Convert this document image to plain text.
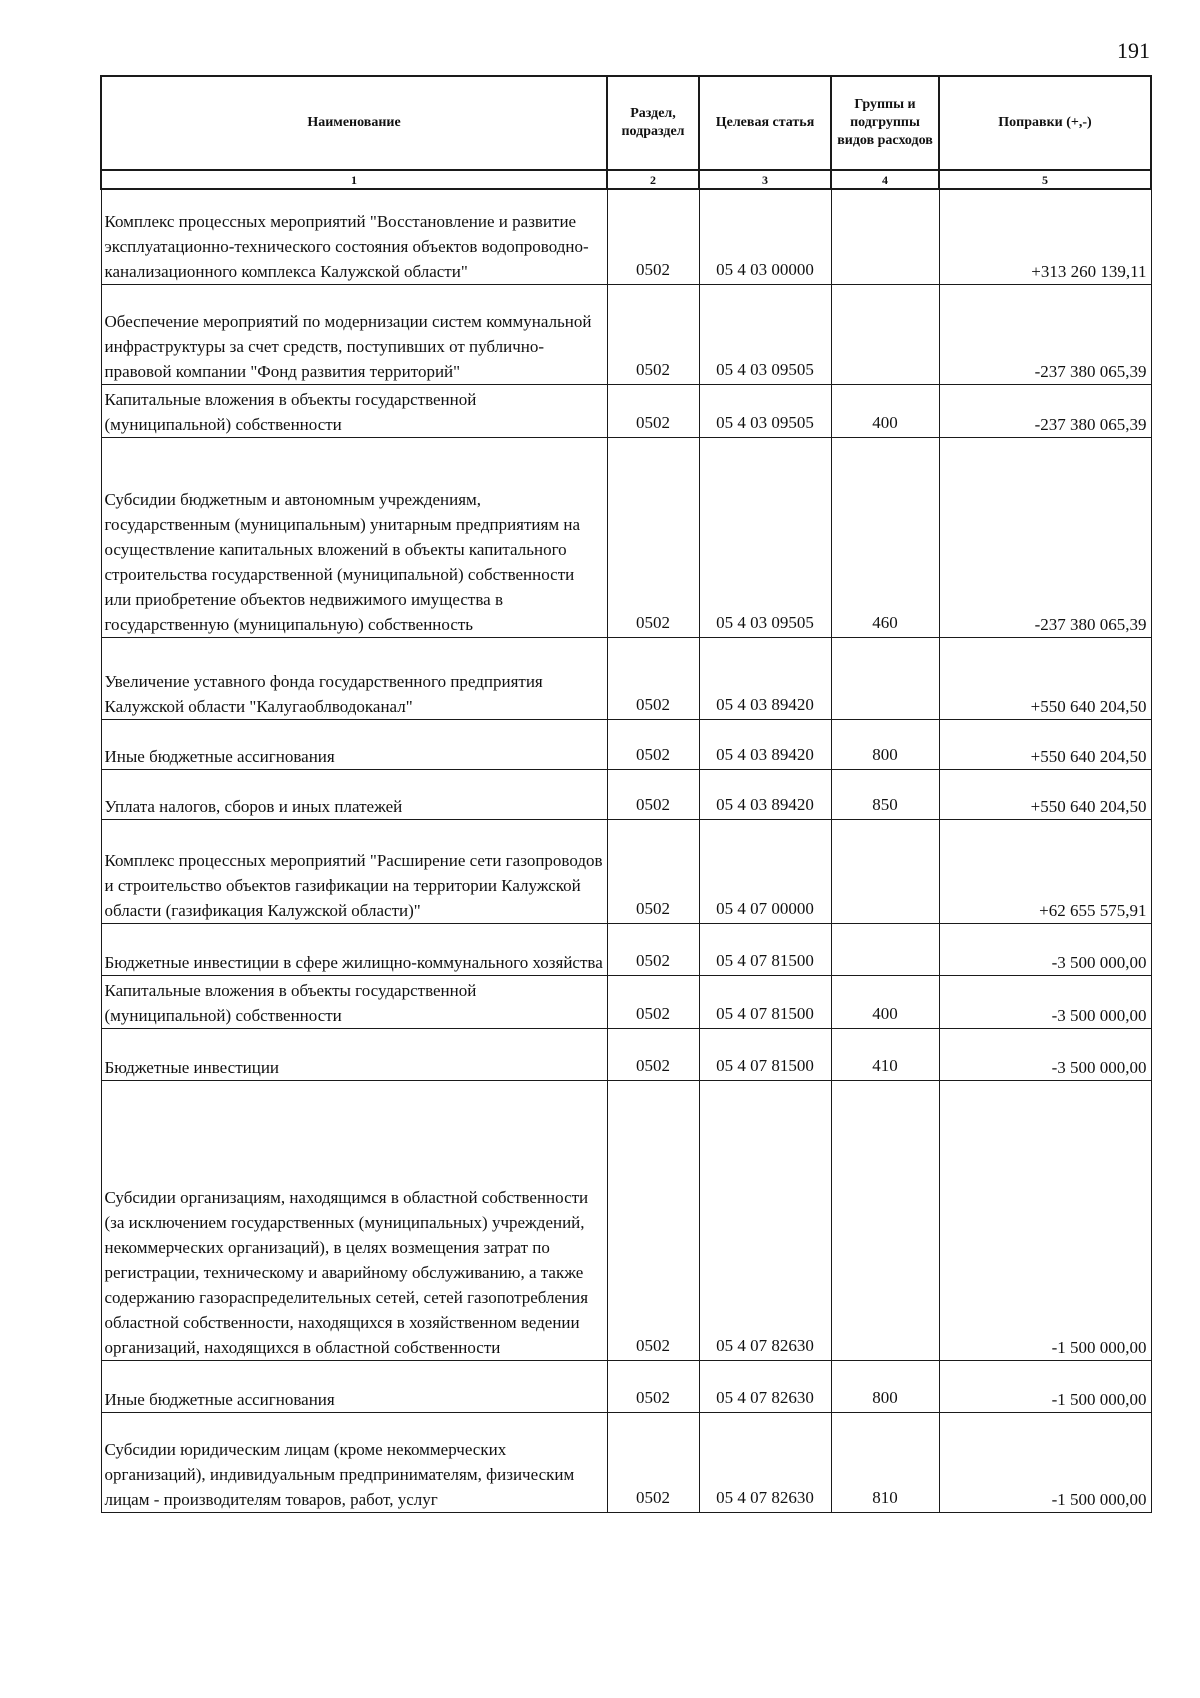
191
Наименование	Раздел, подраздел	Целевая статья	Группы и подгруппы видов расходов	Поправки (+,-)
1	2	3	4	5
Комплекс процессных мероприятий "Восстановление и развитие эксплуатационно-технического состояния объектов водопроводно-канализационного комплекса Калужской области"	0502	05 4 03 00000		+313 260 139,11
Обеспечение мероприятий по модернизации систем коммунальной инфраструктуры за счет средств, поступивших от публично-правовой компании "Фонд развития территорий"	0502	05 4 03 09505		-237 380 065,39
Капитальные вложения в объекты государственной (муниципальной) собственности	0502	05 4 03 09505	400	-237 380 065,39
Субсидии бюджетным и автономным учреждениям, государственным (муниципальным) унитарным предприятиям на осуществление капитальных вложений в объекты капитального строительства государственной (муниципальной) собственности или приобретение объектов недвижимого имущества в государственную (муниципальную) собственность	0502	05 4 03 09505	460	-237 380 065,39
Увеличение уставного фонда государственного предприятия Калужской области "Калугаоблводоканал"	0502	05 4 03 89420		+550 640 204,50
Иные бюджетные ассигнования	0502	05 4 03 89420	800	+550 640 204,50
Уплата налогов, сборов и иных платежей	0502	05 4 03 89420	850	+550 640 204,50
Комплекс процессных мероприятий "Расширение сети газопроводов и строительство объектов газификации на территории Калужской области (газификация Калужской области)"	0502	05 4 07 00000		+62 655 575,91
Бюджетные инвестиции в сфере жилищно-коммунального хозяйства	0502	05 4 07 81500		-3 500 000,00
Капитальные вложения в объекты государственной (муниципальной) собственности	0502	05 4 07 81500	400	-3 500 000,00
Бюджетные инвестиции	0502	05 4 07 81500	410	-3 500 000,00
Субсидии организациям, находящимся в областной собственности (за исключением государственных (муниципальных) учреждений, некоммерческих организаций), в целях возмещения затрат по регистрации, техническому и аварийному обслуживанию, а также содержанию газораспределительных сетей, сетей газопотребления областной собственности, находящихся в хозяйственном ведении организаций, находящихся в областной собственности	0502	05 4 07 82630		-1 500 000,00
Иные бюджетные ассигнования	0502	05 4 07 82630	800	-1 500 000,00
Субсидии юридическим лицам (кроме некоммерческих организаций), индивидуальным предпринимателям, физическим лицам - производителям товаров, работ, услуг	0502	05 4 07 82630	810	-1 500 000,00
